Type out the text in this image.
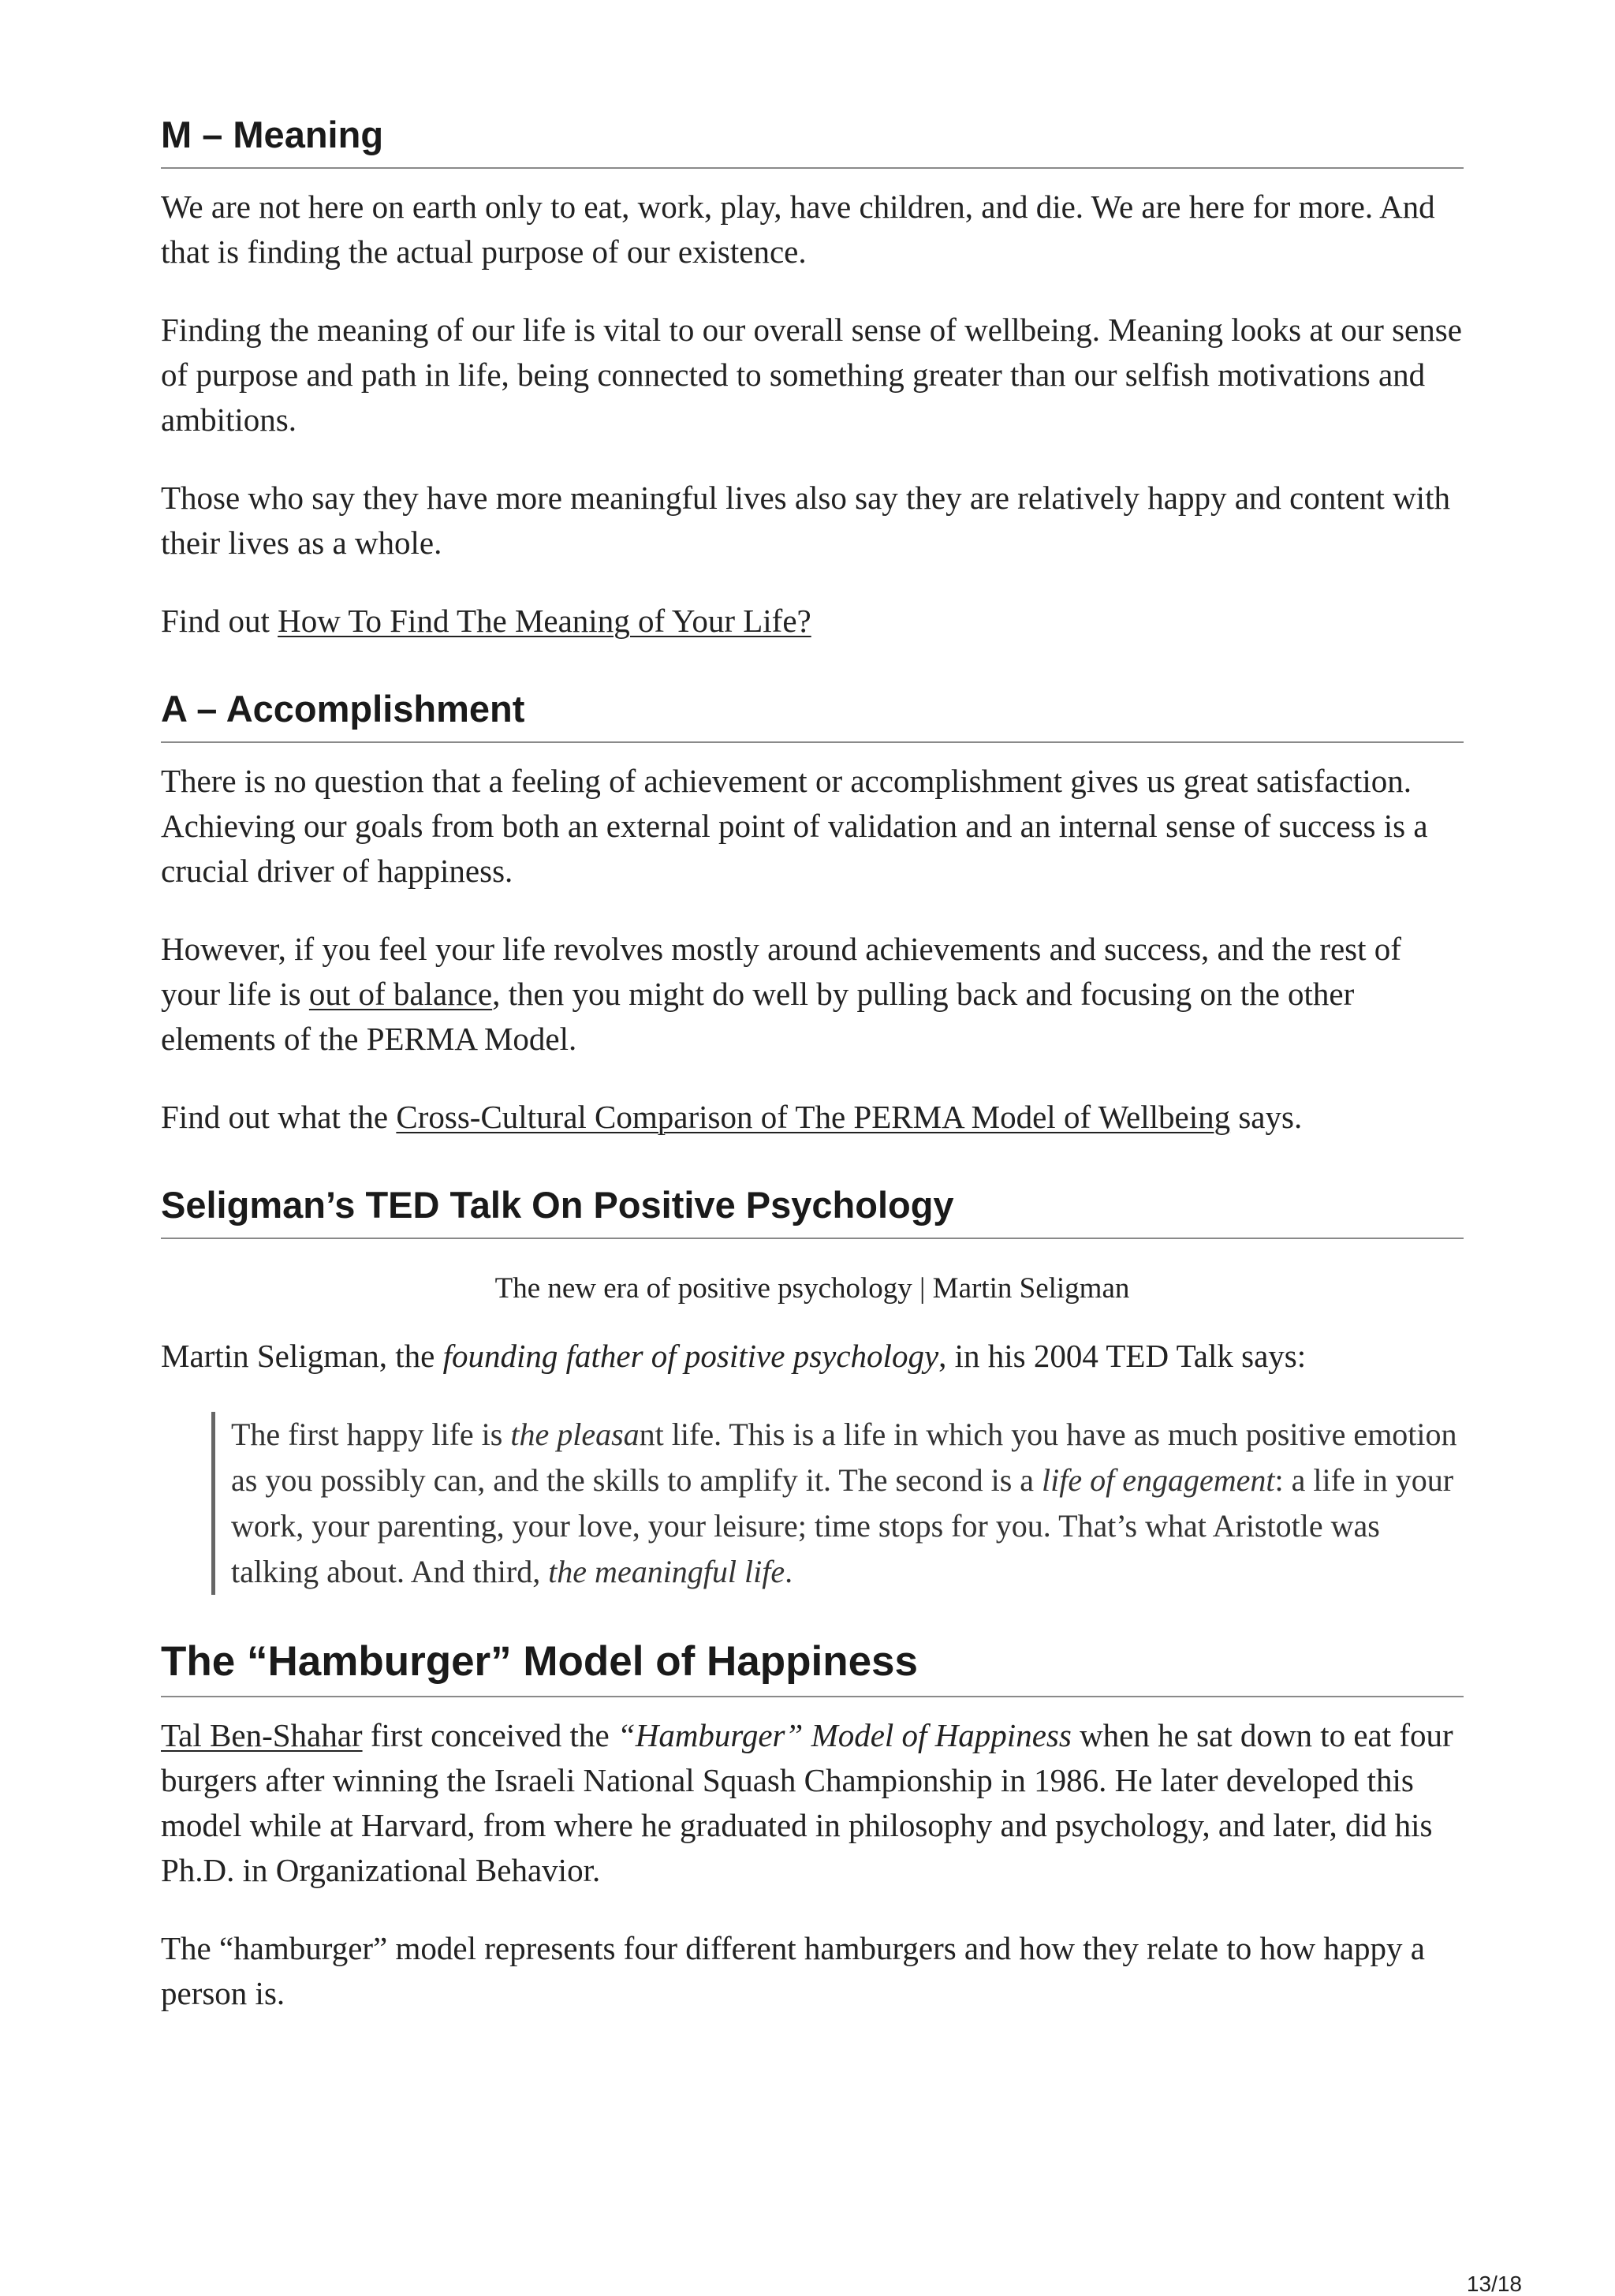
M – Meaning

We are not here on earth only to eat, work, play, have children, and die. We are here for more. And that is finding the actual purpose of our existence.

Finding the meaning of our life is vital to our overall sense of wellbeing. Meaning looks at our sense of purpose and path in life, being connected to something greater than our selfish motivations and ambitions.

Those who say they have more meaningful lives also say they are relatively happy and content with their lives as a whole.

Find out How To Find The Meaning of Your Life?

A – Accomplishment

There is no question that a feeling of achievement or accomplishment gives us great satisfaction. Achieving our goals from both an external point of validation and an internal sense of success is a crucial driver of happiness.

However, if you feel your life revolves mostly around achievements and success, and the rest of your life is out of balance, then you might do well by pulling back and focusing on the other elements of the PERMA Model.

Find out what the Cross-Cultural Comparison of The PERMA Model of Wellbeing says.

Seligman’s TED Talk On Positive Psychology
The new era of positive psychology | Martin Seligman

Martin Seligman, the founding father of positive psychology, in his 2004 TED Talk says:

The first happy life is the pleasant life. This is a life in which you have as much positive emotion as you possibly can, and the skills to amplify it. The second is a life of engagement: a life in your work, your parenting, your love, your leisure; time stops for you. That’s what Aristotle was talking about. And third, the meaningful life.
The “Hamburger” Model of Happiness

Tal Ben-Shahar first conceived the “Hamburger” Model of Happiness when he sat down to eat four burgers after winning the Israeli National Squash Championship in 1986. He later developed this model while at Harvard, from where he graduated in philosophy and psychology, and later, did his Ph.D. in Organizational Behavior.

The “hamburger” model represents four different hamburgers and how they relate to how happy a person is.

13/18
